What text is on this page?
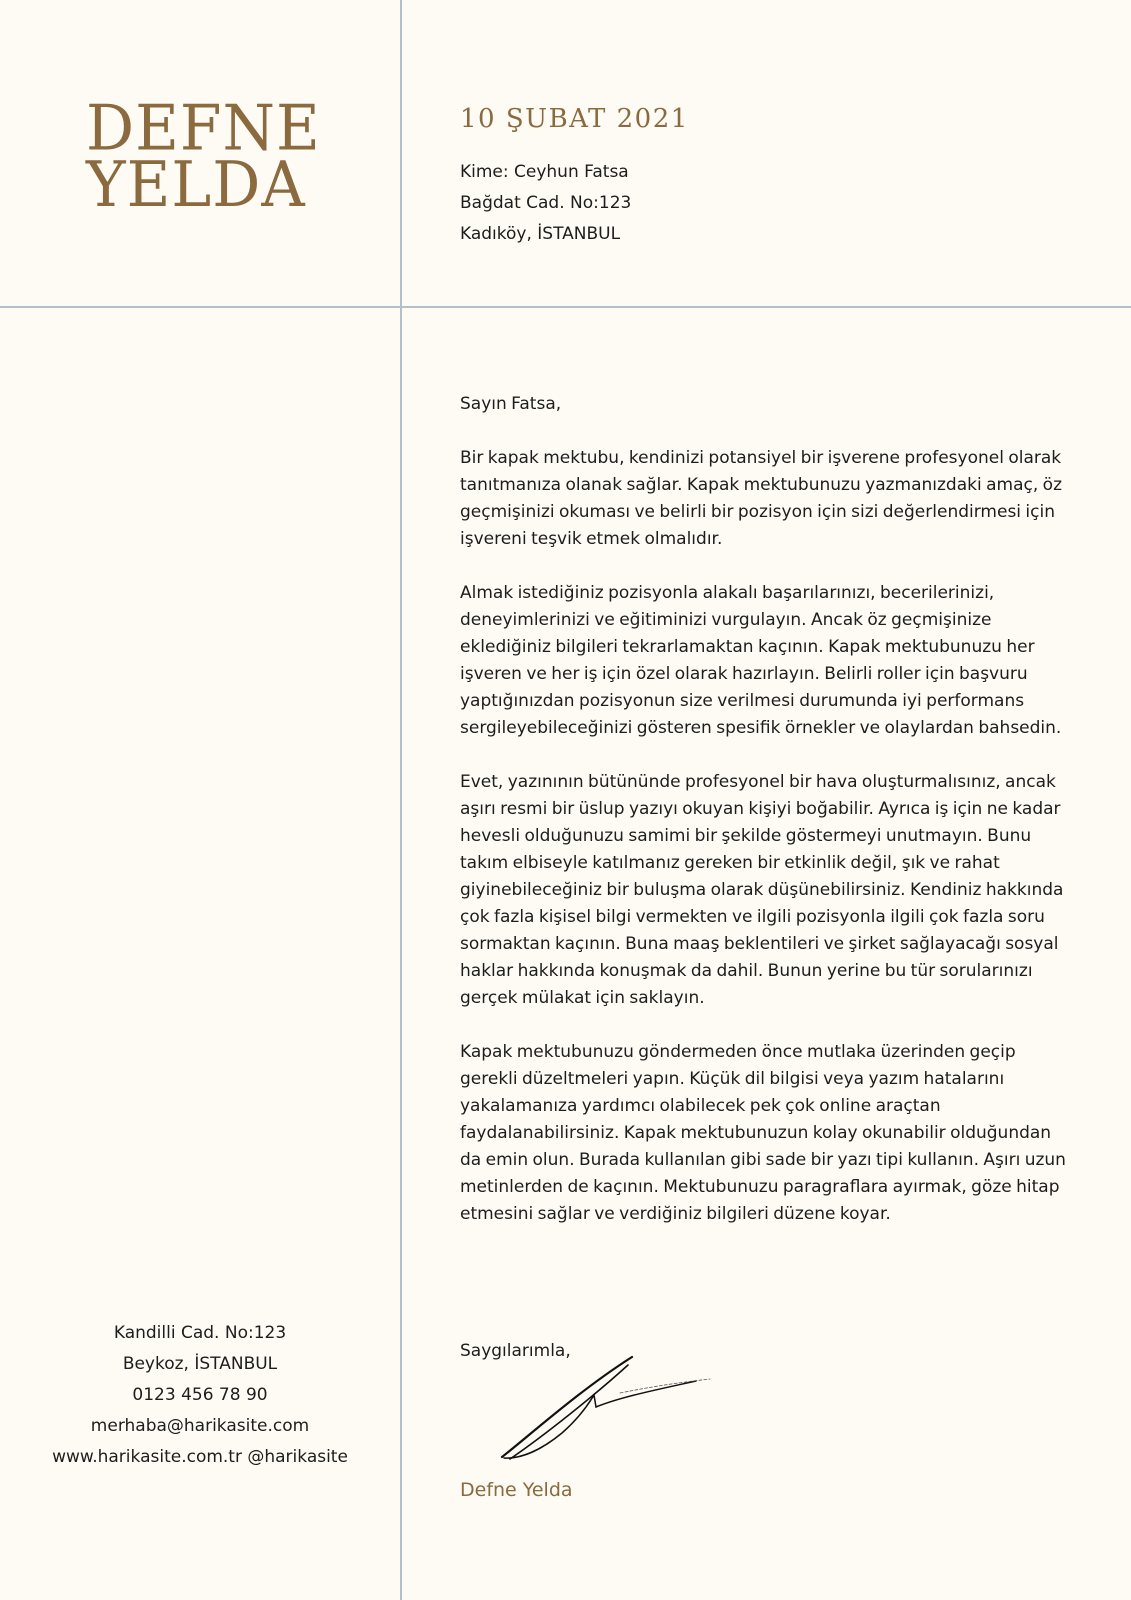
DEFNE
YELDA
10 ŞUBAT 2021
Kime: Ceyhun Fatsa
Bağdat Cad. No:123
Kadıköy, İSTANBUL

Sayın Fatsa,

Bir kapak mektubu, kendinizi potansiyel bir işverene profesyonel olarak tanıtmanıza olanak sağlar. Kapak mektubunuzu yazmanızdaki amaç, öz geçmişinizi okuması ve belirli bir pozisyon için sizi değerlendirmesi için işvereni teşvik etmek olmalıdır.

Almak istediğiniz pozisyonla alakalı başarılarınızı, becerilerinizi, deneyimlerinizi ve eğitiminizi vurgulayın. Ancak öz geçmişinize eklediğiniz bilgileri tekrarlamaktan kaçının. Kapak mektubunuzu her işveren ve her iş için özel olarak hazırlayın. Belirli roller için başvuru yaptığınızdan pozisyonun size verilmesi durumunda iyi performans sergileyebileceğinizi gösteren spesifik örnekler ve olaylardan bahsedin.

Evet, yazınının bütününde profesyonel bir hava oluşturmalısınız, ancak aşırı resmi bir üslup yazıyı okuyan kişiyi boğabilir. Ayrıca iş için ne kadar hevesli olduğunuzu samimi bir şekilde göstermeyi unutmayın. Bunu takım elbiseyle katılmanız gereken bir etkinlik değil, şık ve rahat giyinebileceğiniz bir buluşma olarak düşünebilirsiniz. Kendiniz hakkında çok fazla kişisel bilgi vermekten ve ilgili pozisyonla ilgili çok fazla soru sormaktan kaçının. Buna maaş beklentileri ve şirket sağlayacağı sosyal haklar hakkında konuşmak da dahil. Bunun yerine bu tür sorularınızı gerçek mülakat için saklayın.

Kapak mektubunuzu göndermeden önce mutlaka üzerinden geçip gerekli düzeltmeleri yapın. Küçük dil bilgisi veya yazım hatalarını yakalamanıza yardımcı olabilecek pek çok online araçtan faydalanabilirsiniz. Kapak mektubunuzun kolay okunabilir olduğundan da emin olun. Burada kullanılan gibi sade bir yazı tipi kullanın. Aşırı uzun metinlerden de kaçının. Mektubunuzu paragraflara ayırmak, göze hitap etmesini sağlar ve verdiğiniz bilgileri düzene koyar.

Saygılarımla,
Defne Yelda
Kandilli Cad. No:123
Beykoz, İSTANBUL
0123 456 78 90
merhaba@harikasite.com
www.harikasite.com.tr @harikasite
